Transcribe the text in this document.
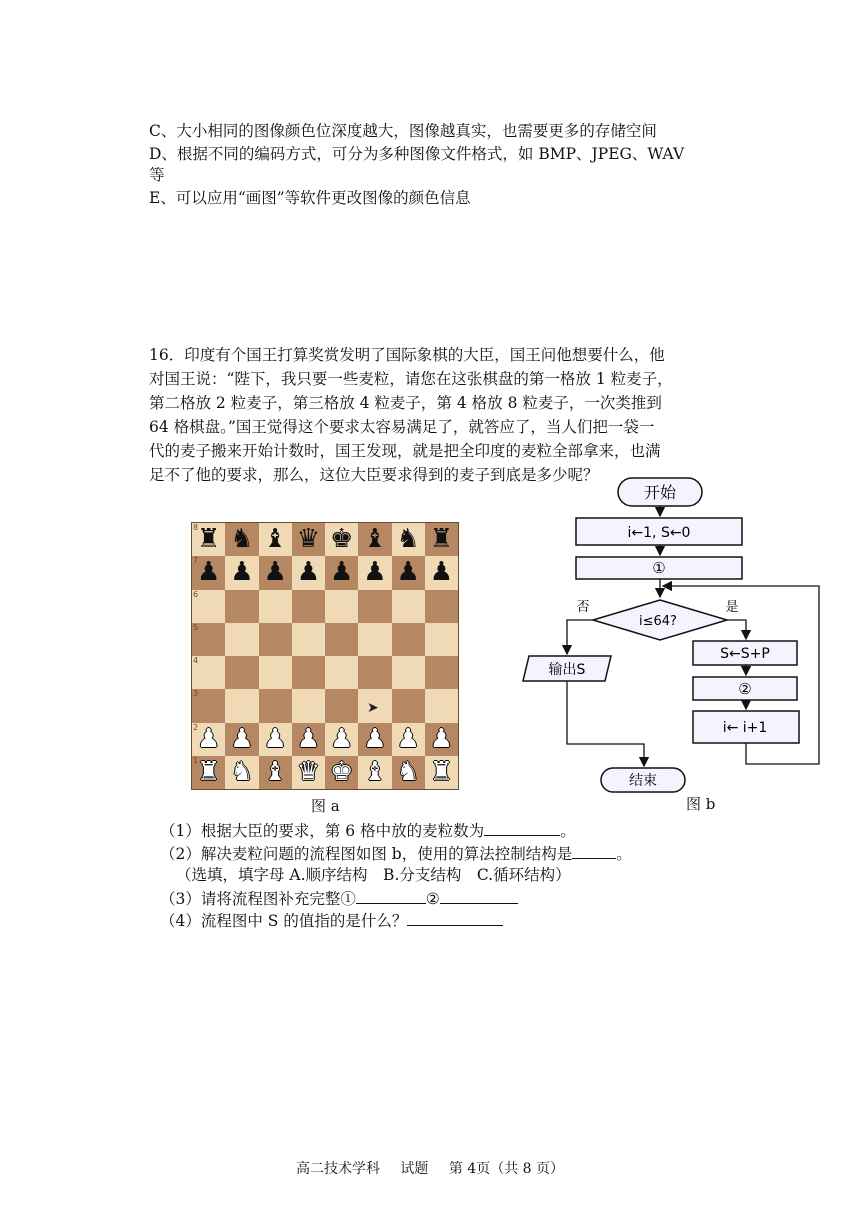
C、大小相同的图像颜色位深度越大，图像越真实，也需要更多的存储空间
D、根据不同的编码方式，可分为多种图像文件格式，如 BMP、JPEG、WAV
等
E、可以应用“画图”等软件更改图像的颜色信息
16．印度有个国王打算奖赏发明了国际象棋的大臣，国王问他想要什么，他
对国王说：“陛下，我只要一些麦粒，请您在这张棋盘的第一格放 1 粒麦子，
第二格放 2 粒麦子，第三格放 4 粒麦子，第 4 格放 8 粒麦子，一次类推到
64 格棋盘。”国王觉得这个要求太容易满足了，就答应了，当人们把一袋一
代的麦子搬来开始计数时，国王发现，就是把全印度的麦粒全部拿来，也满
足不了他的要求，那么，这位大臣要求得到的麦子到底是多少呢？
8
7
6
5
4
3
2
1
♜
♟
♟
♜
♞
♟
♟
♞
♝
♟
♟
♝
♛
♟
♟
♛
♚
♟
♟
♚
♝
♟
♟
♝
♞
♟
♟
♞
♜
♟
♟
♜
➤
图 a
开始
i←1, S←0
①
i≤64?
否	是
输出S
S←S+P
②
i← i+1
结束
图 b
（1）根据大臣的要求，第 6 格中放的麦粒数为	。
（2）解决麦粒问题的流程图如图 b，使用的算法控制结构是	。
（选填，填字母 A.顺序结构　B.分支结构　C.循环结构）
（3）请将流程图补充完整①	②
（4）流程图中 S 的值指的是什么？
高二技术学科 试题 第 4页（共 8 页）
